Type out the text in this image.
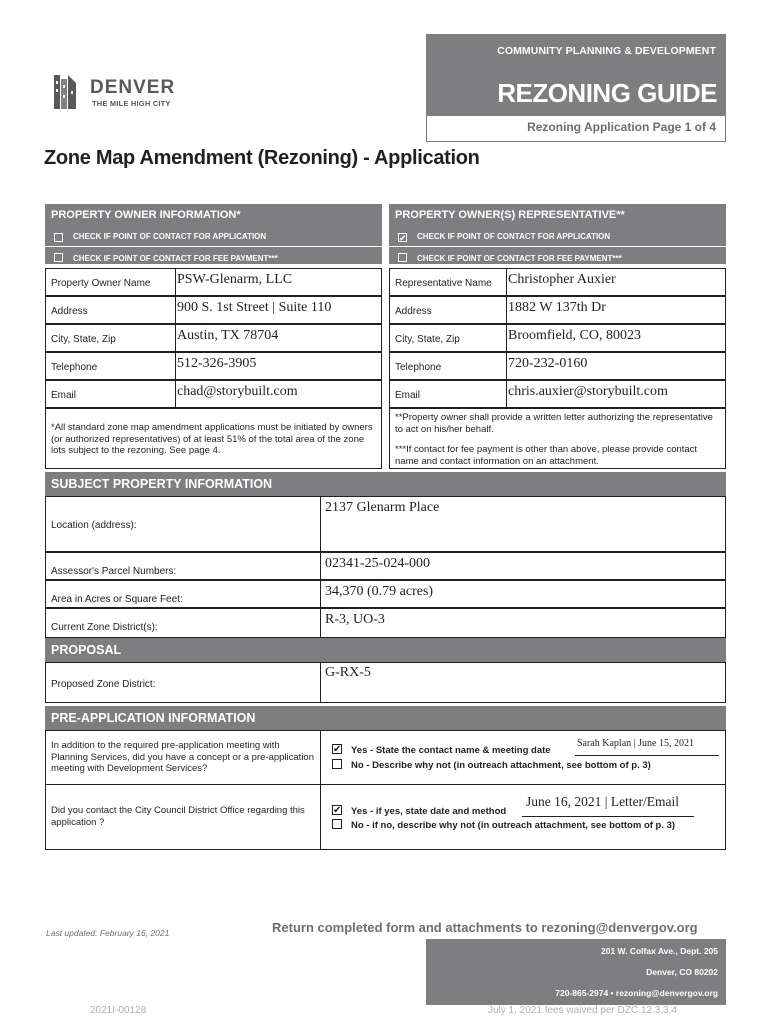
COMMUNITY PLANNING & DEVELOPMENT
REZONING GUIDE
Rezoning Application Page 1 of 4
DENVER
THE MILE HIGH CITY
Zone Map Amendment (Rezoning) - Application
PROPERTY OWNER INFORMATION*
CHECK IF POINT OF CONTACT FOR APPLICATION
CHECK IF POINT OF CONTACT FOR FEE PAYMENT***
Property Owner Name PSW-Glenarm, LLC
Address	900 S. 1st Street | Suite 110
City, State, Zip	Austin, TX 78704
Telephone	512-326-3905
Email	chad@storybuilt.com
*All standard zone map amendment applications must be initiated by owners (or authorized representatives) of at least 51% of the total area of the zone lots subject to the rezoning. See page 4.
PROPERTY OWNER(S) REPRESENTATIVE**
✔ CHECK IF POINT OF CONTACT FOR APPLICATION
CHECK IF POINT OF CONTACT FOR FEE PAYMENT***
Representative Name Christopher Auxier
Address	1882 W 137th Dr
City, State, Zip	Broomfield, CO, 80023
Telephone	720-232-0160
Email	chris.auxier@storybuilt.com
**Property owner shall provide a written letter authorizing the representative to act on his/her behalf.
***If contact for fee payment is other than above, please provide contact name and contact information on an attachment.
SUBJECT PROPERTY INFORMATION
Location (address):
2137 Glenarm Place
Assessor's Parcel Numbers:
02341-25-024-000
Area in Acres or Square Feet:
34,370 (0.79 acres)
Current Zone District(s):
R-3, UO-3
PROPOSAL
Proposed Zone District:
G-RX-5
PRE-APPLICATION INFORMATION
In addition to the required pre-application meeting with Planning Services, did you have a concept or a pre-application meeting with Development Services?
✔ Yes - State the contact name & meeting date
Sarah Kaplan | June 15, 2021
No - Describe why not (in outreach attachment, see bottom of p. 3)
Did you contact the City Council District Office regarding this application ?
✔ Yes - if yes, state date and method
June 16, 2021 | Letter/Email
No - if no, describe why not (in outreach attachment, see bottom of p. 3)
Last updated: February 16, 2021	Return completed form and attachments to rezoning@denvergov.org
201 W. Colfax Ave., Dept. 205
Denver, CO 80202
720-865-2974 • rezoning@denvergov.org
2021I-00128	July 1, 2021 fees waived per DZC 12.3.3.4
